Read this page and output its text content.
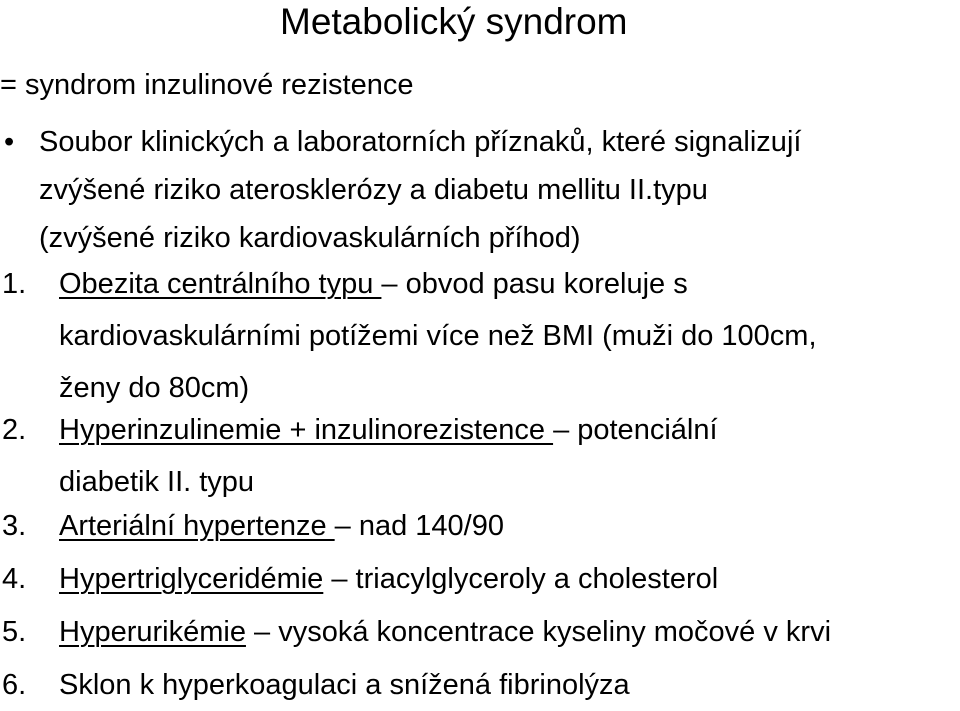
Metabolický syndrom
= syndrom inzulinové rezistence
• Soubor klinických a laboratorních příznaků, které signalizují
zvýšené riziko aterosklerózy a diabetu mellitu II.typu
(zvýšené riziko kardiovaskulárních příhod)
1. Obezita centrálního typu – obvod pasu koreluje s
kardiovaskulárními potížemi více než BMI (muži do 100cm,
ženy do 80cm)
2. Hyperinzulinemie + inzulinorezistence – potenciální
diabetik II. typu
3. Arteriální hypertenze – nad 140/90
4. Hypertriglyceridémie – triacylglyceroly a cholesterol
5. Hyperurikémie – vysoká koncentrace kyseliny močové v krvi
6. Sklon k hyperkoagulaci a snížená fibrinolýza
